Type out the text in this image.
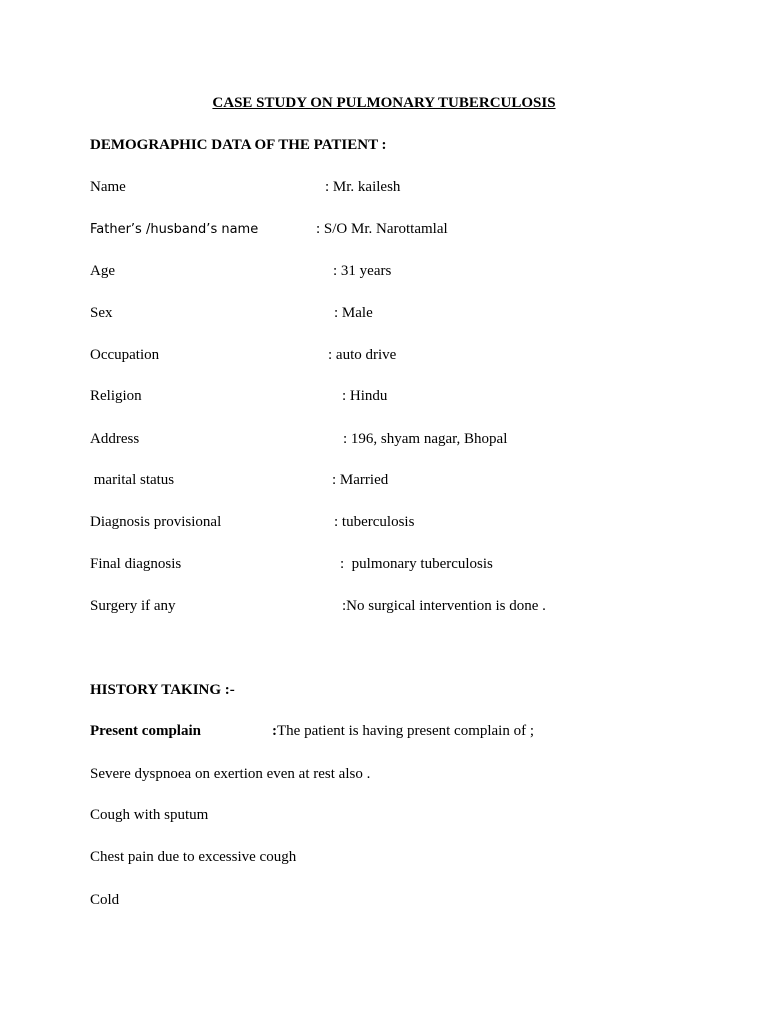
CASE STUDY ON PULMONARY TUBERCULOSIS
DEMOGRAPHIC DATA OF THE PATIENT :
Name	: Mr. kailesh
Father’s /husband’s name	: S/O Mr. Narottamlal
Age	: 31 years
Sex	: Male
Occupation	: auto drive
Religion	: Hindu
Address	: 196, shyam nagar, Bhopal
marital status	: Married
Diagnosis provisional	: tuberculosis
Final diagnosis	:  pulmonary tuberculosis
Surgery if any	:No surgical intervention is done .
HISTORY TAKING :-
Present complain	:The patient is having present complain of ;
Severe dyspnoea on exertion even at rest also .
Cough with sputum
Chest pain due to excessive cough
Cold
